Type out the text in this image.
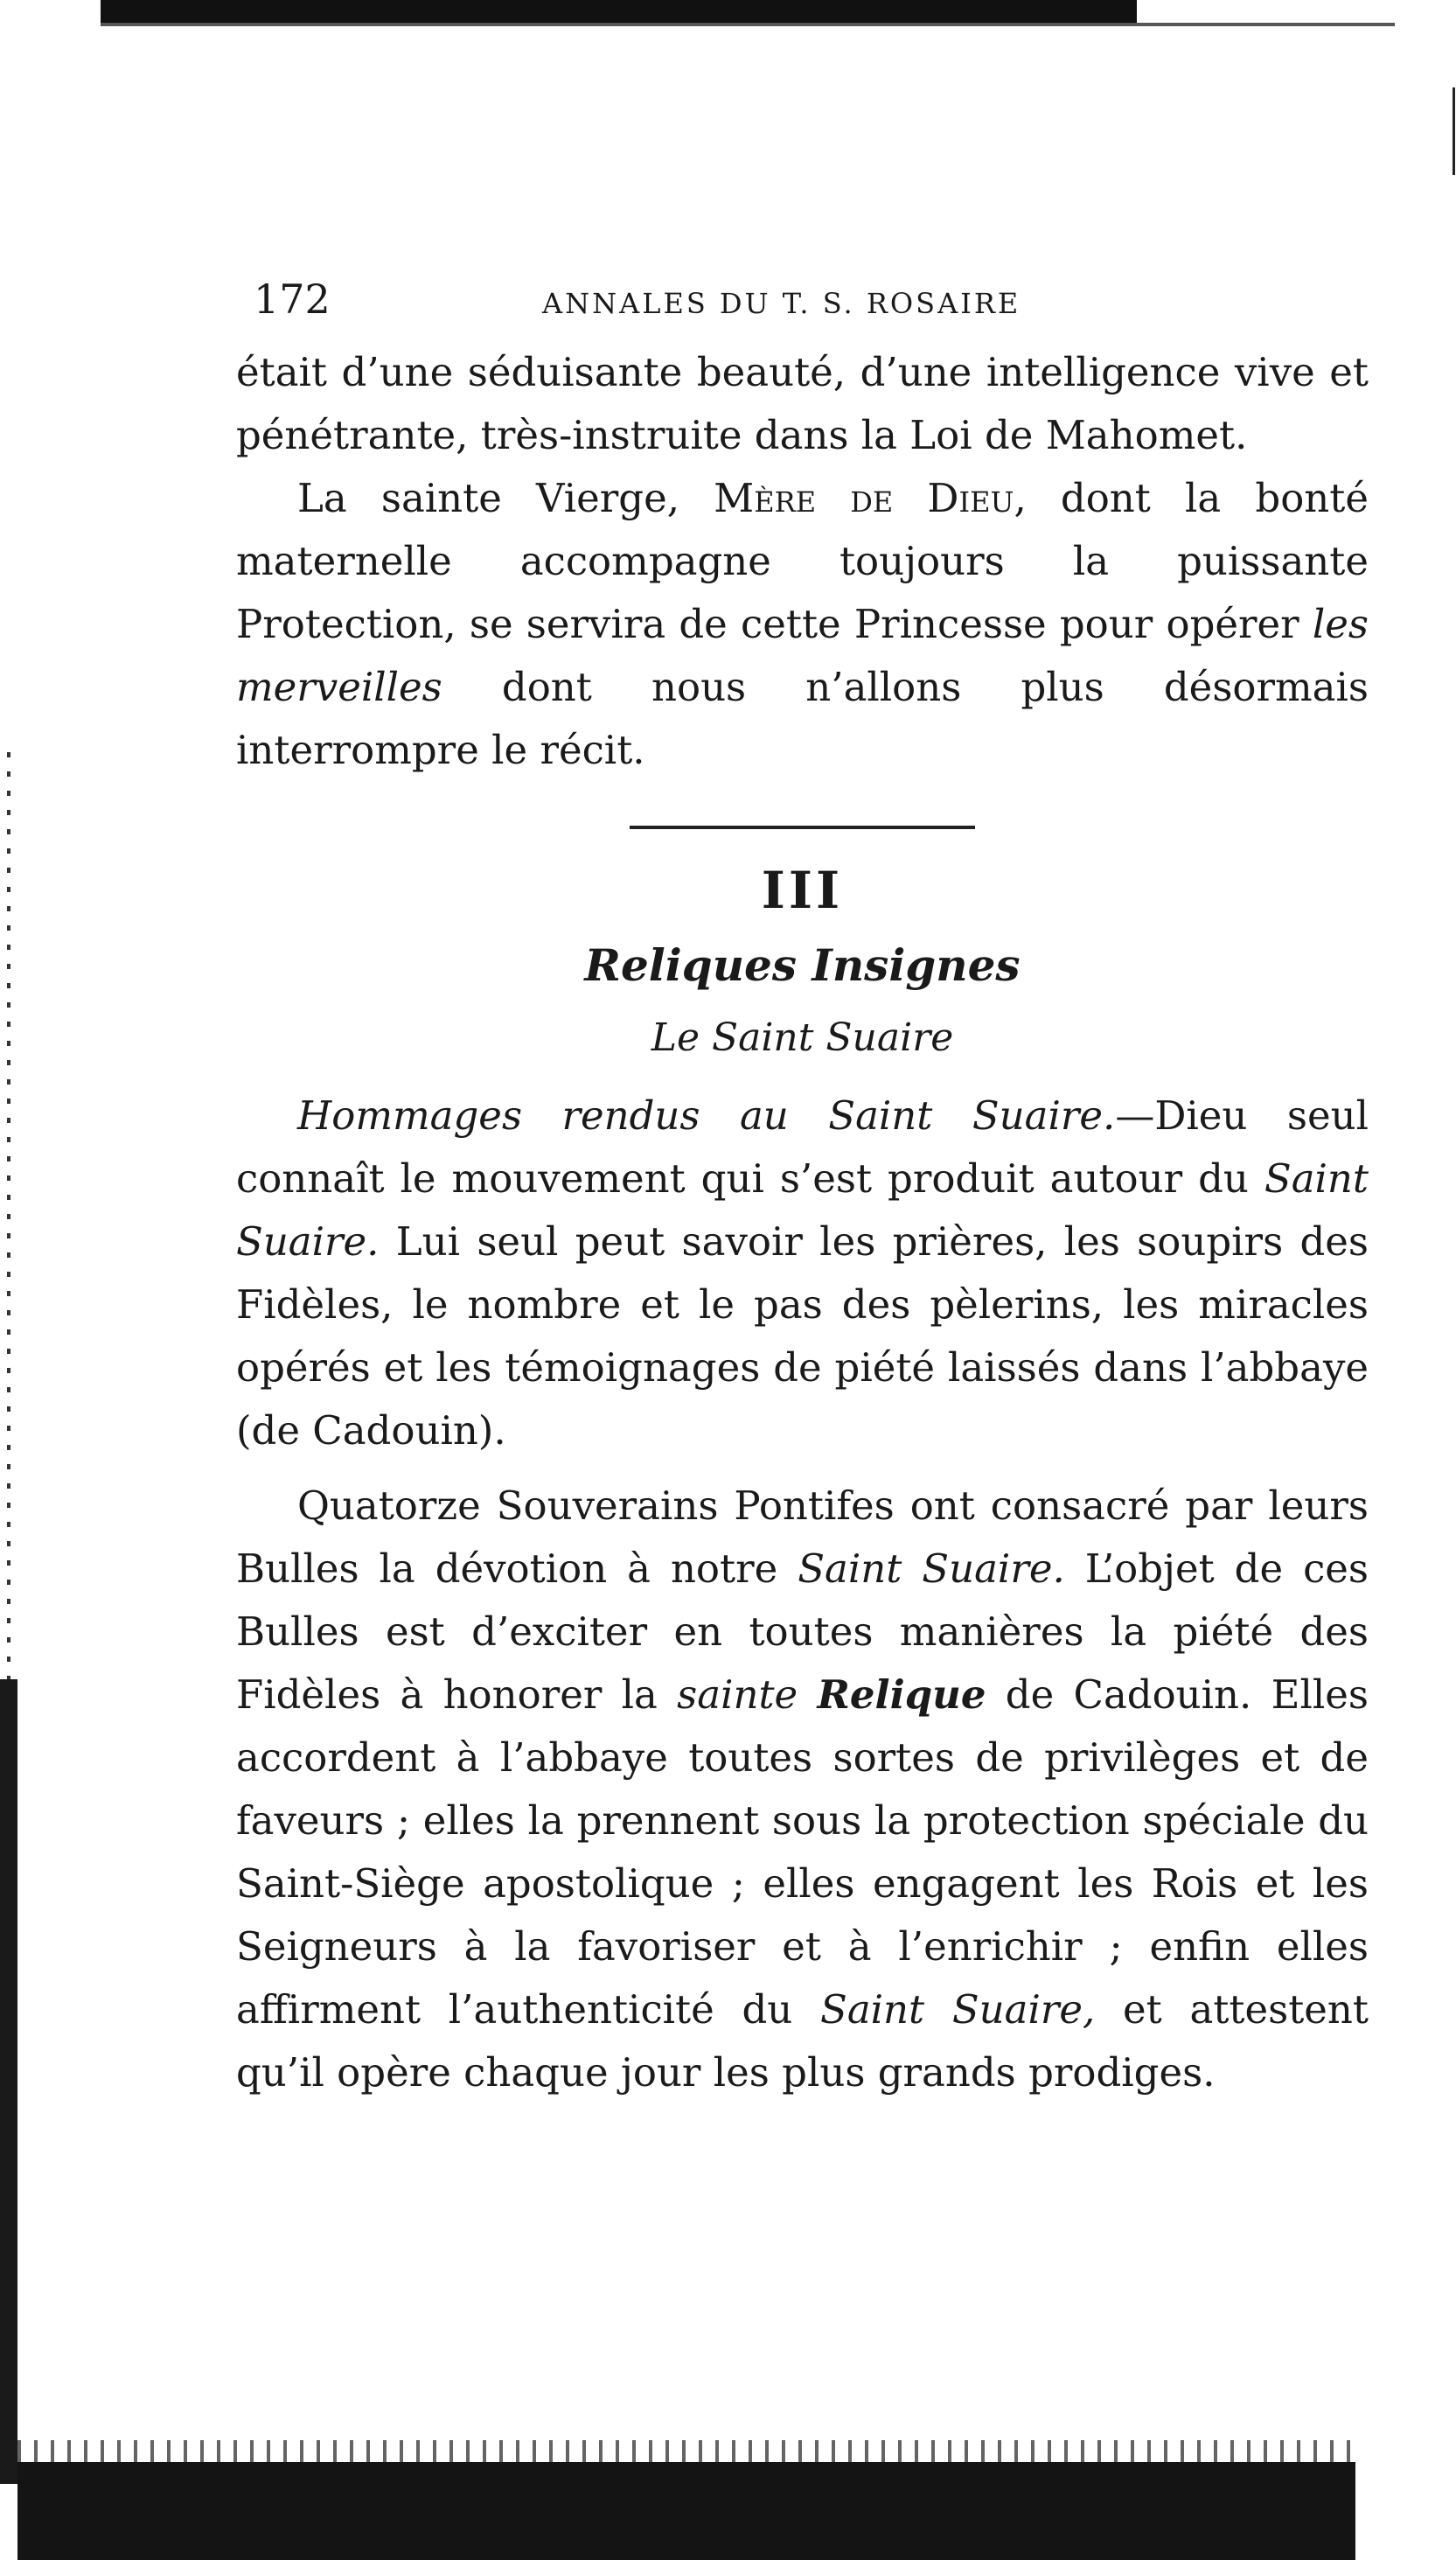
172	ANNALES DU T. S. ROSAIRE

était d’une séduisante beauté, d’une intelligence vive et pénétrante, très-instruite dans la Loi de Mahomet.

La sainte Vierge, Mère de Dieu, dont la bonté maternelle accompagne toujours la puissante Protection, se servira de cette Princesse pour opérer les merveilles dont nous n’allons plus désormais interrompre le récit.

III
Reliques Insignes
Le Saint Suaire

Hommages rendus au Saint Suaire.—Dieu seul connaît le mouvement qui s’est produit autour du Saint Suaire. Lui seul peut savoir les prières, les soupirs des Fidèles, le nombre et le pas des pèlerins, les miracles opérés et les témoignages de piété laissés dans l’abbaye (de Cadouin).

Quatorze Souverains Pontifes ont consacré par leurs Bulles la dévotion à notre Saint Suaire. L’objet de ces Bulles est d’exciter en toutes manières la piété des Fidèles à honorer la sainte Relique de Cadouin. Elles accordent à l’abbaye toutes sortes de privilèges et de faveurs ; elles la prennent sous la protection spéciale du Saint-Siège apostolique ; elles engagent les Rois et les Seigneurs à la favoriser et à l’enrichir ; enfin elles affirment l’authenticité du Saint Suaire, et attestent qu’il opère chaque jour les plus grands prodiges.
